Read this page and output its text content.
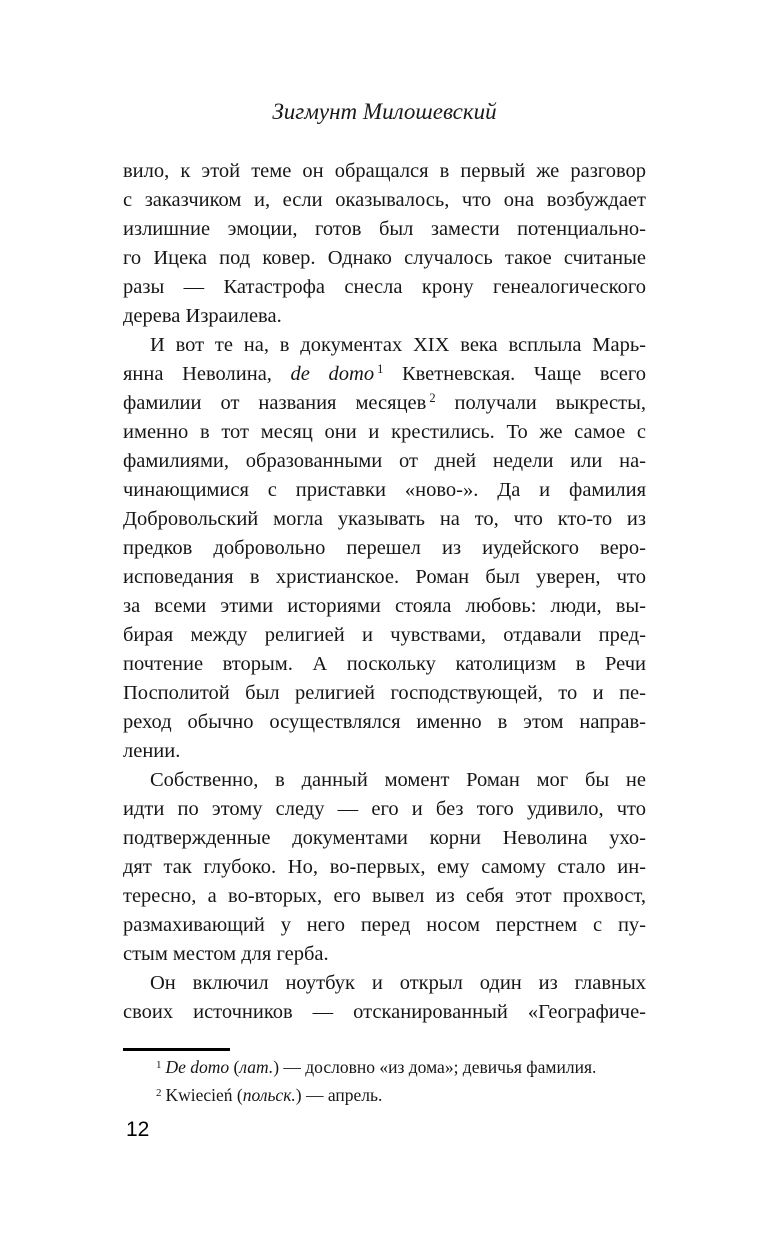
Зигмунт Милошевский
вило, к этой теме он обращался в первый же разговор
с заказчиком и, если оказывалось, что она возбуждает
излишние эмоции, готов был замести потенциально-
го Ицека под ковер. Однако случалось такое считаные
разы — Катастрофа снесла крону генеалогического
дерева Израилева.
И вот те на, в документах XIX века всплыла Марь-
янна Неволина, de domo $^1$ Кветневская. Чаще всего
фамилии от названия месяцев $^2$ получали выкресты,
именно в тот месяц они и крестились. То же самое с
фамилиями, образованными от дней недели или на-
чинающимися с приставки «ново-». Да и фамилия
Добровольский могла указывать на то, что кто-то из
предков добровольно перешел из иудейского веро-
исповедания в христианское. Роман был уверен, что
за всеми этими историями стояла любовь: люди, вы-
бирая между религией и чувствами, отдавали пред-
почтение вторым. А поскольку католицизм в Речи
Посполитой был религией господствующей, то и пе-
реход обычно осуществлялся именно в этом направ-
лении.
Собственно, в данный момент Роман мог бы не
идти по этому следу — его и без того удивило, что
подтвержденные документами корни Неволина ухо-
дят так глубоко. Но, во-первых, ему самому стало ин-
тересно, а во-вторых, его вывел из себя этот прохвост,
размахивающий у него перед носом перстнем с пу-
стым местом для герба.
Он включил ноутбук и открыл один из главных
своих источников — отсканированный «Географиче-
$^1$ De domo (лат.) — дословно «из дома»; девичья фамилия.
$^2$ Kwiecień (польск.) — апрель.
12
